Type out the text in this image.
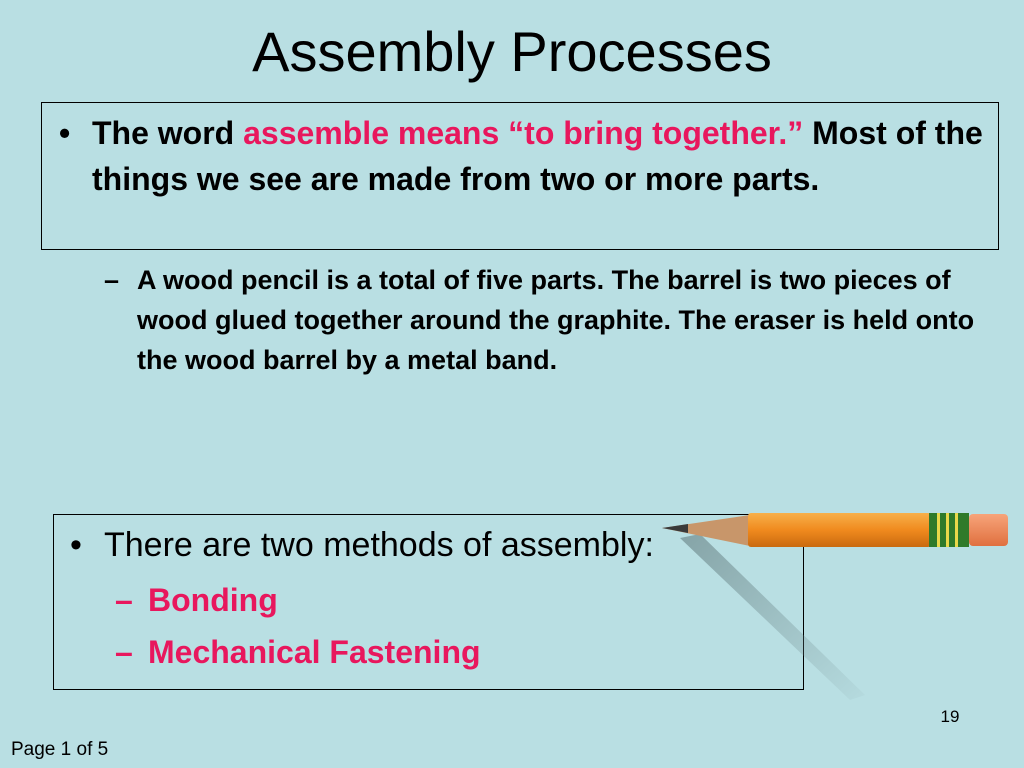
Assembly Processes
• The word assemble means “to bring together.” Most of the things we see are made from two or more parts.
– A wood pencil is a total of five parts. The barrel is two pieces of wood glued together around the graphite. The eraser is held onto the wood barrel by a metal band.
• There are two methods of assembly:
– Bonding
– Mechanical Fastening
19
Page 1 of 5
